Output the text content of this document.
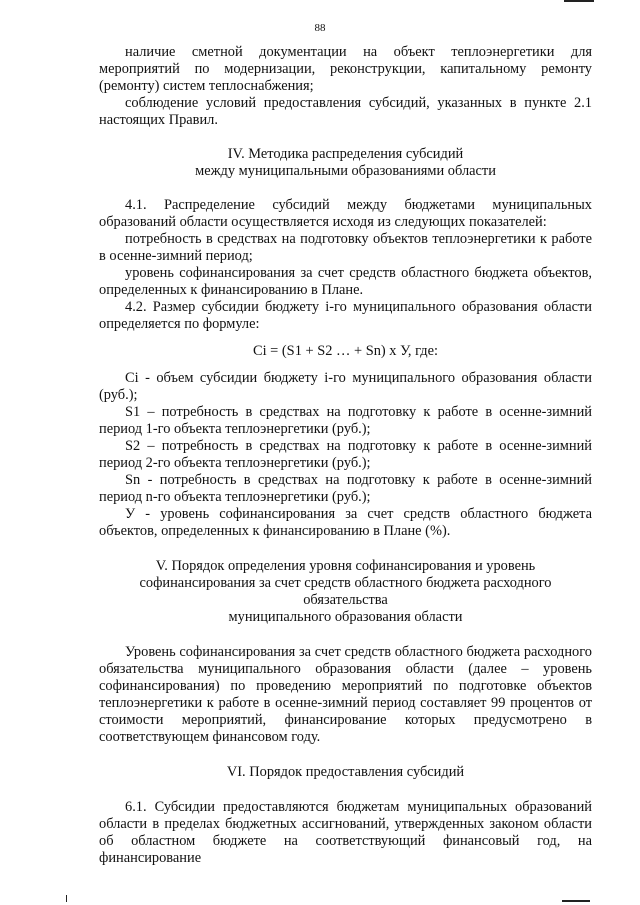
88

наличие сметной документации на объект теплоэнергетики для мероприятий по модернизации, реконструкции, капитальному ремонту (ремонту) систем теплоснабжения;

соблюдение условий предоставления субсидий, указанных в пункте 2.1 настоящих Правил.

IV. Методика распределения субсидий

между муниципальными образованиями области

4.1. Распределение субсидий между бюджетами муниципальных образований области осуществляется исходя из следующих показателей:

потребность в средствах на подготовку объектов теплоэнергетики к работе в осенне-зимний период;

уровень софинансирования за счет средств областного бюджета объектов, определенных к финансированию в Плане.

4.2. Размер субсидии бюджету i-го муниципального образования области определяется по формуле:

Ci = (S1 + S2 … + Sn) x У, где:

Ci - объем субсидии бюджету i-го муниципального образования области (руб.);

S1 – потребность в средствах на подготовку к работе в осенне-зимний период 1-го объекта теплоэнергетики (руб.);

S2 – потребность в средствах на подготовку к работе в осенне-зимний период 2-го объекта теплоэнергетики (руб.);

Sn - потребность в средствах на подготовку к работе в осенне-зимний период n-го объекта теплоэнергетики (руб.);

У - уровень софинансирования за счет средств областного бюджета объектов, определенных к финансированию в Плане (%).

V. Порядок определения уровня софинансирования и уровень

софинансирования за счет средств областного бюджета расходного обязательства

муниципального образования области

Уровень софинансирования за счет средств областного бюджета расходного обязательства муниципального образования области (далее – уровень софинансирования) по проведению мероприятий по подготовке объектов теплоэнергетики к работе в осенне-зимний период составляет 99 процентов от стоимости мероприятий, финансирование которых предусмотрено в соответствующем финансовом году.

VI. Порядок предоставления субсидий

6.1. Субсидии предоставляются бюджетам муниципальных образований области в пределах бюджетных ассигнований, утвержденных законом области об областном бюджете на соответствующий финансовый год, на финансирование
